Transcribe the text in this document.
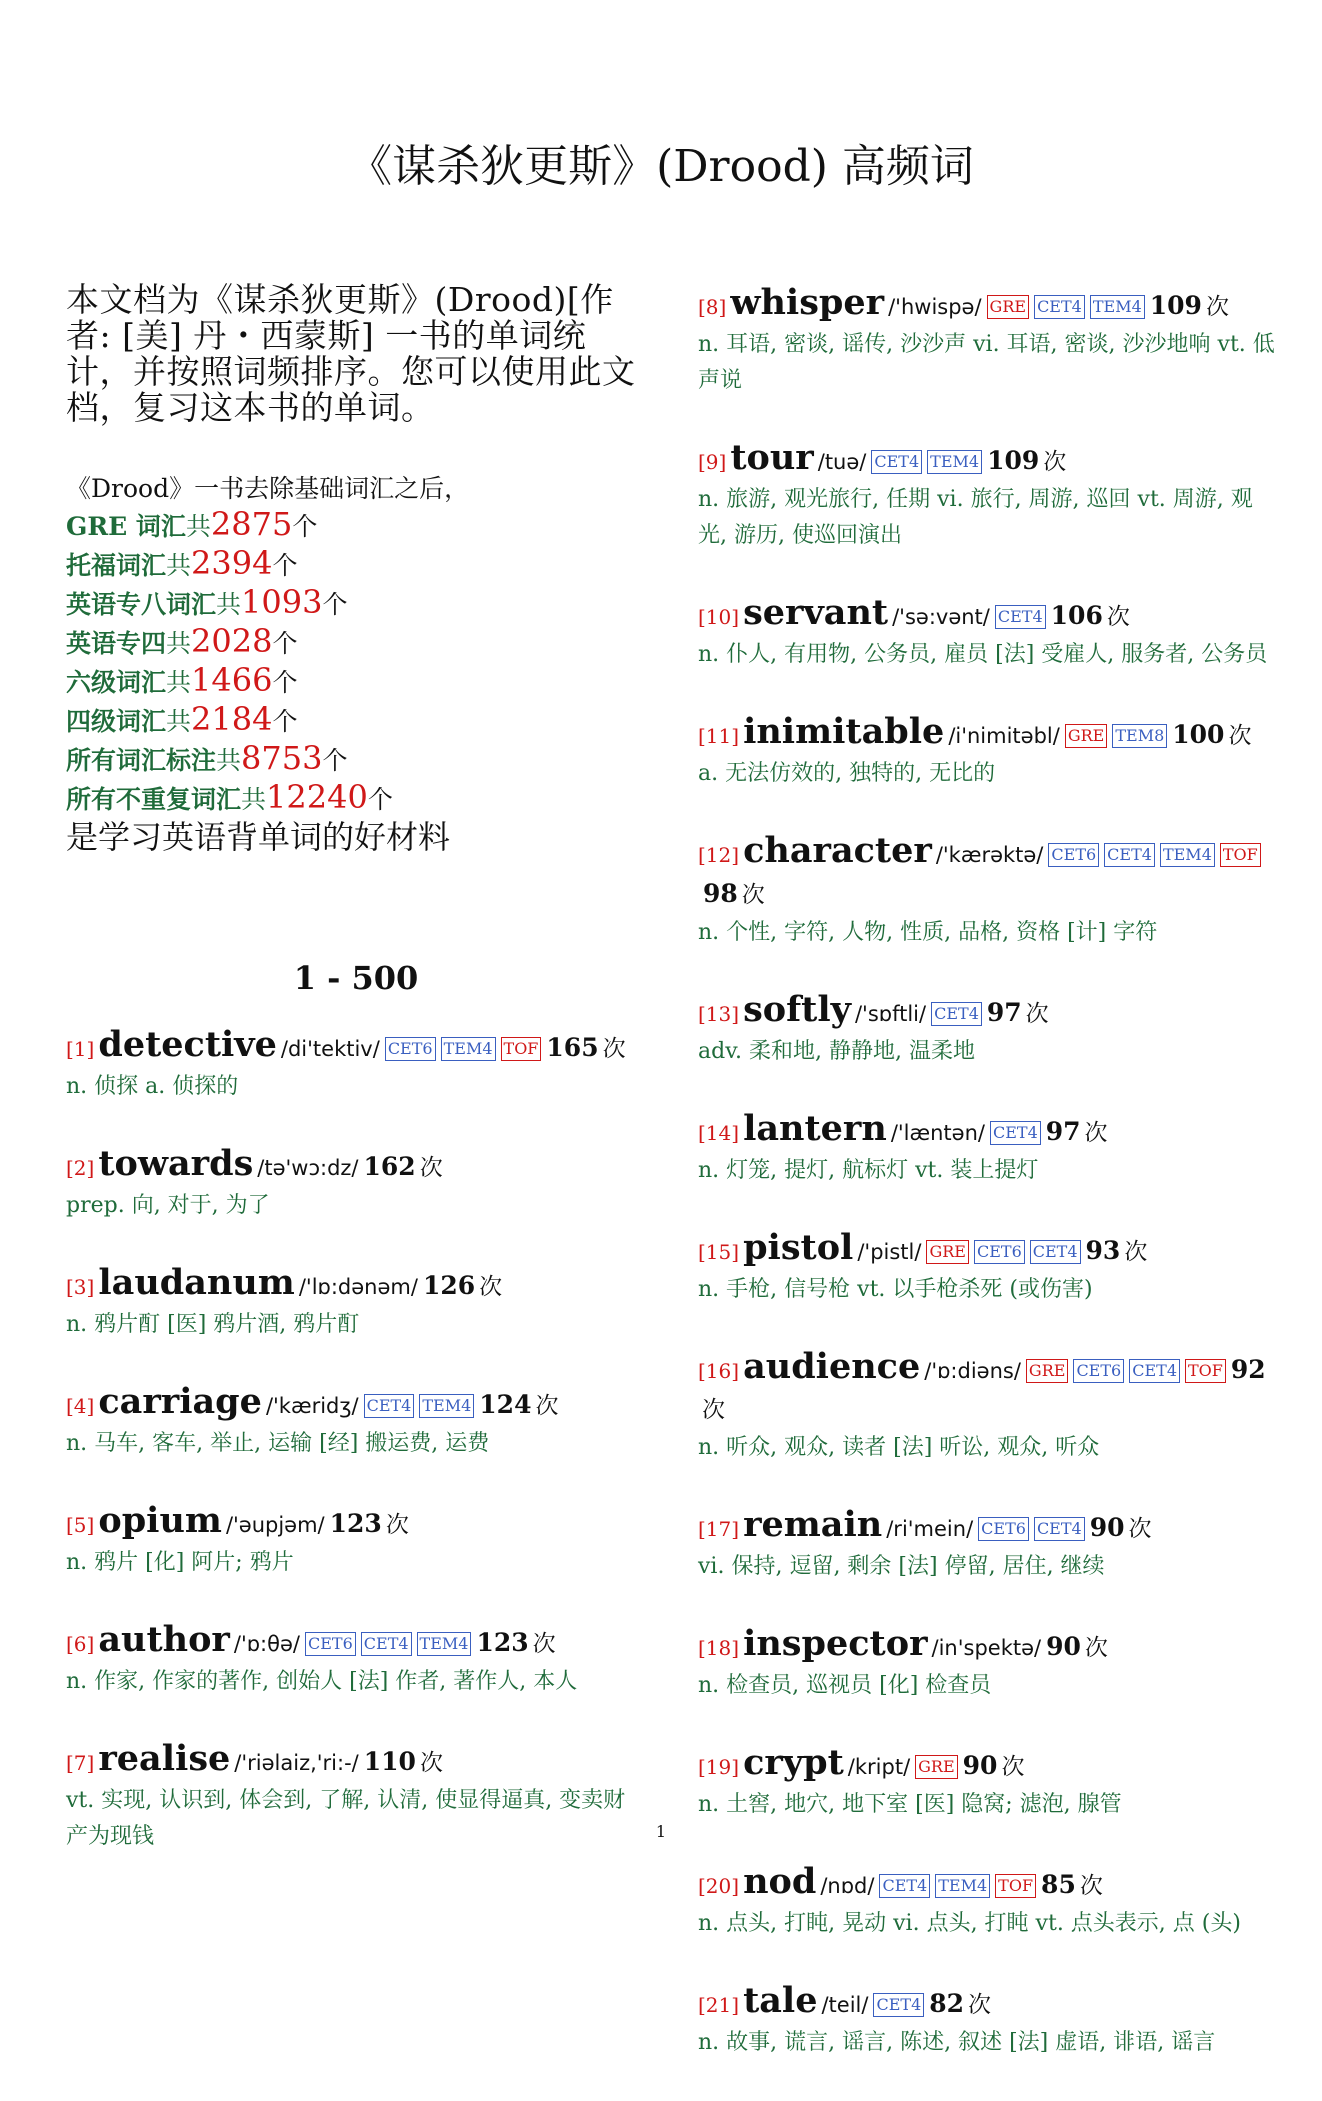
《谋杀狄更斯》(Drood) 高频词
本文档为《谋杀狄更斯》(Drood)[作者: [美] 丹・西蒙斯] 一书的单词统计，并按照词频排序。您可以使用此文档，复习这本书的单词。
《Drood》一书去除基础词汇之后，
GRE 词汇共2875个
托福词汇共2394个
英语专八词汇共1093个
英语专四共2028个
六级词汇共1466个
四级词汇共2184个
所有词汇标注共8753个
所有不重复词汇共12240个
是学习英语背单词的好材料
1 - 500
[1] detective /di'tektiv/ CET6 TEM4 TOF 165 次
n. 侦探 a. 侦探的
[2] towards /tə'wɔ:dz/ 162 次
prep. 向, 对于, 为了
[3] laudanum /'lɒ:dənəm/ 126 次
n. 鸦片酊 [医] 鸦片酒, 鸦片酊
[4] carriage /'kæridʒ/ CET4 TEM4 124 次
n. 马车, 客车, 举止, 运输 [经] 搬运费, 运费
[5] opium /'əupjəm/ 123 次
n. 鸦片 [化] 阿片; 鸦片
[6] author /'ɒ:θə/ CET6 CET4 TEM4 123 次
n. 作家, 作家的著作, 创始人 [法] 作者, 著作人, 本人
[7] realise /'riəlaiz,'ri:-/ 110 次
vt. 实现, 认识到, 体会到, 了解, 认清, 使显得逼真, 变卖财产为现钱
[8] whisper /'hwispə/ GRE CET4 TEM4 109 次
n. 耳语, 密谈, 谣传, 沙沙声 vi. 耳语, 密谈, 沙沙地响 vt. 低声说
[9] tour /tuə/ CET4 TEM4 109 次
n. 旅游, 观光旅行, 任期 vi. 旅行, 周游, 巡回 vt. 周游, 观光, 游历, 使巡回演出
[10] servant /'sə:vənt/ CET4 106 次
n. 仆人, 有用物, 公务员, 雇员 [法] 受雇人, 服务者, 公务员
[11] inimitable /i'nimitəbl/ GRE TEM8 100 次
a. 无法仿效的, 独特的, 无比的
[12] character /'kærəktə/ CET6 CET4 TEM4 TOF98 次
n. 个性, 字符, 人物, 性质, 品格, 资格 [计] 字符
[13] softly /'sɒftli/ CET4 97 次
adv. 柔和地, 静静地, 温柔地
[14] lantern /'læntən/ CET4 97 次
n. 灯笼, 提灯, 航标灯 vt. 装上提灯
[15] pistol /'pistl/ GRE CET6 CET4 93 次
n. 手枪, 信号枪 vt. 以手枪杀死 (或伤害)
[16] audience /'ɒ:diəns/ GRE CET6 CET4 TOF 92次
n. 听众, 观众, 读者 [法] 听讼, 观众, 听众
[17] remain /ri'mein/ CET6 CET4 90 次
vi. 保持, 逗留, 剩余 [法] 停留, 居住, 继续
[18] inspector /in'spektə/ 90 次
n. 检查员, 巡视员 [化] 检查员
[19] crypt /kript/ GRE 90 次
n. 土窖, 地穴, 地下室 [医] 隐窝; 滤泡, 腺管
[20] nod /nɒd/ CET4 TEM4 TOF 85 次
n. 点头, 打盹, 晃动 vi. 点头, 打盹 vt. 点头表示, 点 (头)
[21] tale /teil/ CET4 82 次
n. 故事, 谎言, 谣言, 陈述, 叙述 [法] 虚语, 诽语, 谣言
1
